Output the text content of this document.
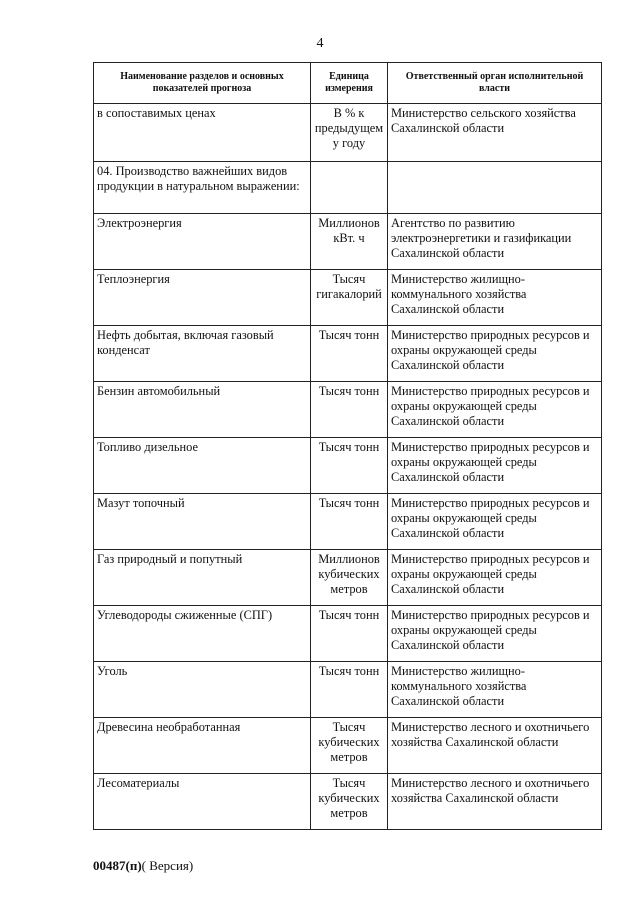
4
Наименование разделов и основных показателей прогноза	Единица измерения	Ответственный орган исполнительной власти
в сопоставимых ценах	В % к предыдущем у году	Министерство сельского хозяйства Сахалинской области
04. Производство важнейших видов продукции в натуральном выражении:		
Электроэнергия	Миллионов кВт. ч	Агентство по развитию электроэнергетики и газификации Сахалинской области
Теплоэнергия	Тысяч гигакалорий	Министерство жилищно-коммунального хозяйства Сахалинской области
Нефть добытая, включая газовый конденсат	Тысяч тонн	Министерство природных ресурсов и охраны окружающей среды Сахалинской области
Бензин автомобильный	Тысяч тонн	Министерство природных ресурсов и охраны окружающей среды Сахалинской области
Топливо дизельное	Тысяч тонн	Министерство природных ресурсов и охраны окружающей среды Сахалинской области
Мазут топочный	Тысяч тонн	Министерство природных ресурсов и охраны окружающей среды Сахалинской области
Газ природный и попутный	Миллионов кубических метров	Министерство природных ресурсов и охраны окружающей среды Сахалинской области
Углеводороды сжиженные (СПГ)	Тысяч тонн	Министерство природных ресурсов и охраны окружающей среды Сахалинской области
Уголь	Тысяч тонн	Министерство жилищно-коммунального хозяйства Сахалинской области
Древесина необработанная	Тысяч кубических метров	Министерство лесного и охотничьего хозяйства Сахалинской области
Лесоматериалы	Тысяч кубических метров	Министерство лесного и охотничьего хозяйства Сахалинской области
00487(п)( Версия)
